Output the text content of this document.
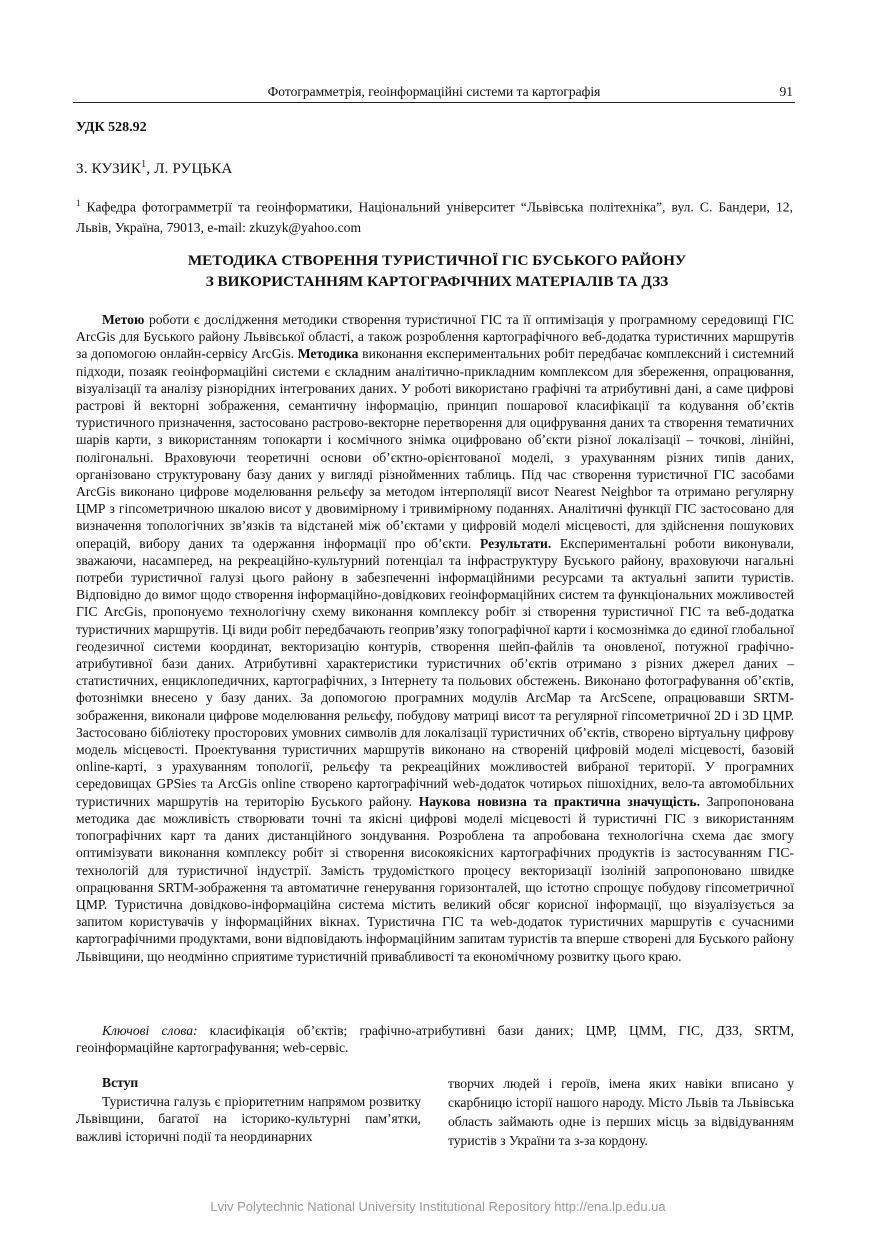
Фотограмметрія, геоінформаційні системи та картографія	91
УДК 528.92
З. КУЗИК$^1$, Л. РУЦЬКА
$^1$ Кафедра фотограмметрії та геоінформатики, Національний університет “Львівська політехніка”, вул. С. Бандери, 12, Львів, Україна, 79013, e-mail: zkuzyk@yahoo.com
МЕТОДИКА СТВОРЕННЯ ТУРИСТИЧНОЇ ГІС БУСЬКОГО РАЙОНУ
З ВИКОРИСТАННЯМ КАРТОГРАФІЧНИХ МАТЕРІАЛІВ ТА ДЗЗ

Метою роботи є дослідження методики створення туристичної ГІС та її оптимізація у програмному середовищі ГІС ArcGis для Буського району Львівської області, а також розроблення картографічного веб-додатка туристичних маршрутів за допомогою онлайн-сервісу ArcGis. Методика виконання експериментальних робіт передбачає комплексний і системний підходи, позаяк геоінформаційні системи є складним аналітично-прикладним комплексом для збереження, опрацювання, візуалізації та аналізу різнорідних інтегрованих даних. У роботі використано графічні та атрибутивні дані, а саме цифрові растрові й векторні зображення, семантичну інформацію, принцип пошарової класифікації та кодування об’єктів туристичного призначення, застосовано растрово-векторне перетворення для оцифрування даних та створення тематичних шарів карти, з використанням топокарти і космічного знімка оцифровано об’єкти різної локалізації – точкові, лінійні, полігональні. Враховуючи теоретичні основи об’єктно-орієнтованої моделі, з урахуванням різних типів даних, організовано структуровану базу даних у вигляді різнойменних таблиць. Під час створення туристичної ГІС засобами ArcGis виконано цифрове моделювання рельєфу за методом інтерполяції висот Nearest Neighbor та отримано регулярну ЦМР з гіпсометричною шкалою висот у двовимірному і тривимірному поданнях. Аналітичні функції ГІС застосовано для визначення топологічних зв’язків та відстаней між об’єктами у цифровій моделі місцевості, для здійснення пошукових операцій, вибору даних та одержання інформації про об’єкти. Результати. Експериментальні роботи виконували, зважаючи, насамперед, на рекреаційно-культурний потенціал та інфраструктуру Буського району, враховуючи нагальні потреби туристичної галузі цього району в забезпеченні інформаційними ресурсами та актуальні запити туристів. Відповідно до вимог щодо створення інформаційно-довідкових геоінформаційних систем та функціональних можливостей ГІС ArcGis, пропонуємо технологічну схему виконання комплексу робіт зі створення туристичної ГІС та веб-додатка туристичних маршрутів. Ці види робіт передбачають геоприв’язку топографічної карти і космознімка до єдиної глобальної геодезичної системи координат, векторизацію контурів, створення шейп-файлів та оновленої, потужної графічно-атрибутивної бази даних. Атрибутивні характеристики туристичних об’єктів отримано з різних джерел даних – статистичних, енциклопедичних, картографічних, з Інтернету та польових обстежень. Виконано фотографування об’єктів, фотознімки внесено у базу даних. За допомогою програмних модулів ArcMap та ArcScene, опрацювавши SRTM-зображення, виконали цифрове моделювання рельєфу, побудову матриці висот та регулярної гіпсометричної 2D і 3D ЦМР. Застосовано бібліотеку просторових умовних символів для локалізації туристичних об’єктів, створено віртуальну цифрову модель місцевості. Проектування туристичних маршрутів виконано на створеній цифровій моделі місцевості, базовій online-карті, з урахуванням топології, рельєфу та рекреаційних можливостей вибраної території. У програмних середовищах GPSies та ArcGis online створено картографічний web-додаток чотирьох пішохідних, вело-та автомобільних туристичних маршрутів на територію Буського району. Наукова новизна та практична значущість. Запропонована методика дає можливість створювати точні та якісні цифрові моделі місцевості й туристичні ГІС з використанням топографічних карт та даних дистанційного зондування. Розроблена та апробована технологічна схема дає змогу оптимізувати виконання комплексу робіт зі створення високоякісних картографічних продуктів із застосуванням ГІС-технологій для туристичної індустрії. Замість трудомісткого процесу векторизації ізоліній запропоновано швидке опрацювання SRTM-зображення та автоматичне генерування горизонталей, що істотно спрощує побудову гіпсометричної ЦМР. Туристична довідково-інформаційна система містить великий обсяг корисної інформації, що візуалізується за запитом користувачів у інформаційних вікнах. Туристична ГІС та web-додаток туристичних маршрутів є сучасними картографічними продуктами, вони відповідають інформаційним запитам туристів та вперше створені для Буського району Львівщини, що неодмінно сприятиме туристичній привабливості та економічному розвитку цього краю.

Ключові слова: класифікація об’єктів; графічно-атрибутивні бази даних; ЦМР, ЦММ, ГІС, ДЗЗ, SRTM, геоінформаційне картографування; web-сервіс.

Вступ

Туристична галузь є пріоритетним напрямом розвитку Львівщини, багатої на історико-культурні пам’ятки, важливі історичні події та неординарних

творчих людей і героїв, імена яких навіки вписано у скарбницю історії нашого народу. Місто Львів та Львівська область займають одне із перших місць за відвідуванням туристів з України та з-за кордону.

Lviv Polytechnic National University Institutional Repository http://ena.lp.edu.ua
